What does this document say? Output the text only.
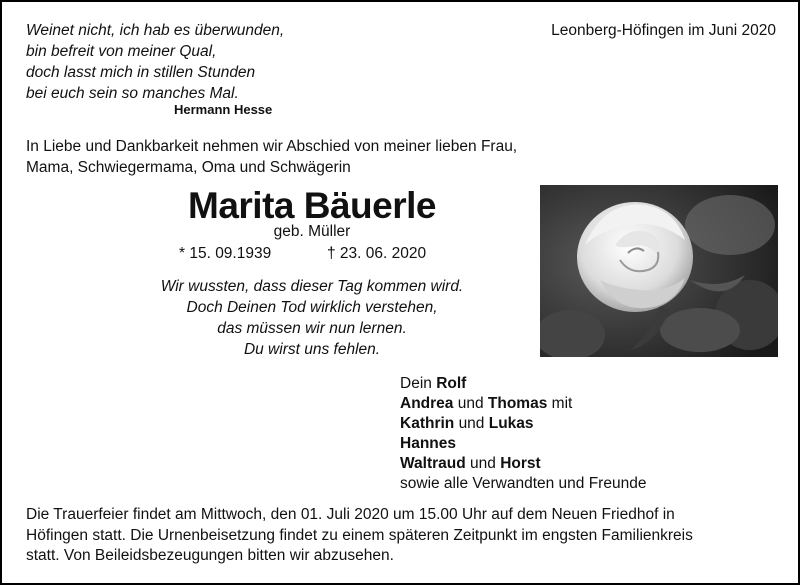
Weinet nicht, ich hab es überwunden,
bin befreit von meiner Qual,
doch lasst mich in stillen Stunden
bei euch sein so manches Mal.
Hermann Hesse
Leonberg-Höfingen im Juni 2020
In Liebe und Dankbarkeit nehmen wir Abschied von meiner lieben Frau,
Mama, Schwiegermama, Oma und Schwägerin
Marita Bäuerle
geb. Müller
* 15. 09.1939	† 23. 06. 2020
Wir wussten, dass dieser Tag kommen wird.
Doch Deinen Tod wirklich verstehen,
das müssen wir nun lernen.
Du wirst uns fehlen.
Dein Rolf
Andrea und Thomas mit
Kathrin und Lukas
Hannes
Waltraud und Horst
sowie alle Verwandten und Freunde
Die Trauerfeier findet am Mittwoch, den 01. Juli 2020 um 15.00 Uhr auf dem Neuen Friedhof in
Höfingen statt. Die Urnenbeisetzung findet zu einem späteren Zeitpunkt im engsten Familienkreis
statt. Von Beileidsbezeugungen bitten wir abzusehen.
